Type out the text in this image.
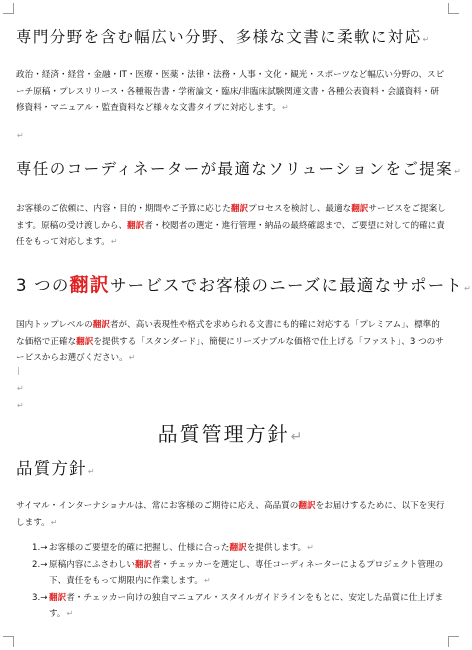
専門分野を含む幅広い分野、多様な文書に柔軟に対応↵
政治・経済・経営・金融・IT・医療・医薬・法律・法務・人事・文化・観光・スポーツなど幅広い分野の、スピーチ原稿・プレスリリース・各種報告書・学術論文・臨床/非臨床試験関連文書・各種公表資料・会議資料・研修資料・マニュアル・監査資料など様々な文書タイプに対応します。↵
↵
専任のコーディネーターが最適なソリューションをご提案↵
お客様のご依頼に、内容・目的・期間やご予算に応じた翻訳プロセスを検討し、最適な翻訳サービスをご提案します。原稿の受け渡しから、翻訳者・校閲者の選定・進行管理・納品の最終確認まで、ご要望に対して的確に責任をもって対応します。↵
3 つの翻訳サービスでお客様のニーズに最適なサポート↵
国内トップレベルの翻訳者が、高い表現性や格式を求められる文書にも的確に対応する「プレミアム」、標準的な価格で正確な翻訳を提供する「スタンダード」、簡便にリーズナブルな価格で仕上げる「ファスト」、3 つのサービスからお選びください。↵
|
↵
↵
品質管理方針↵
品質方針↵
サイマル・インターナショナルは、常にお客様のご期待に応え、高品質の翻訳をお届けするために、以下を実行します。↵
1.→ お客様のご要望を的確に把握し、仕様に合った翻訳を提供します。↵
2.→ 原稿内容にふさわしい翻訳者・チェッカーを選定し、専任コーディネーターによるプロジェクト管理の下、責任をもって期限内に作業します。↵
3.→ 翻訳者・チェッカー向けの独自マニュアル・スタイルガイドラインをもとに、安定した品質に仕上げます。↵
